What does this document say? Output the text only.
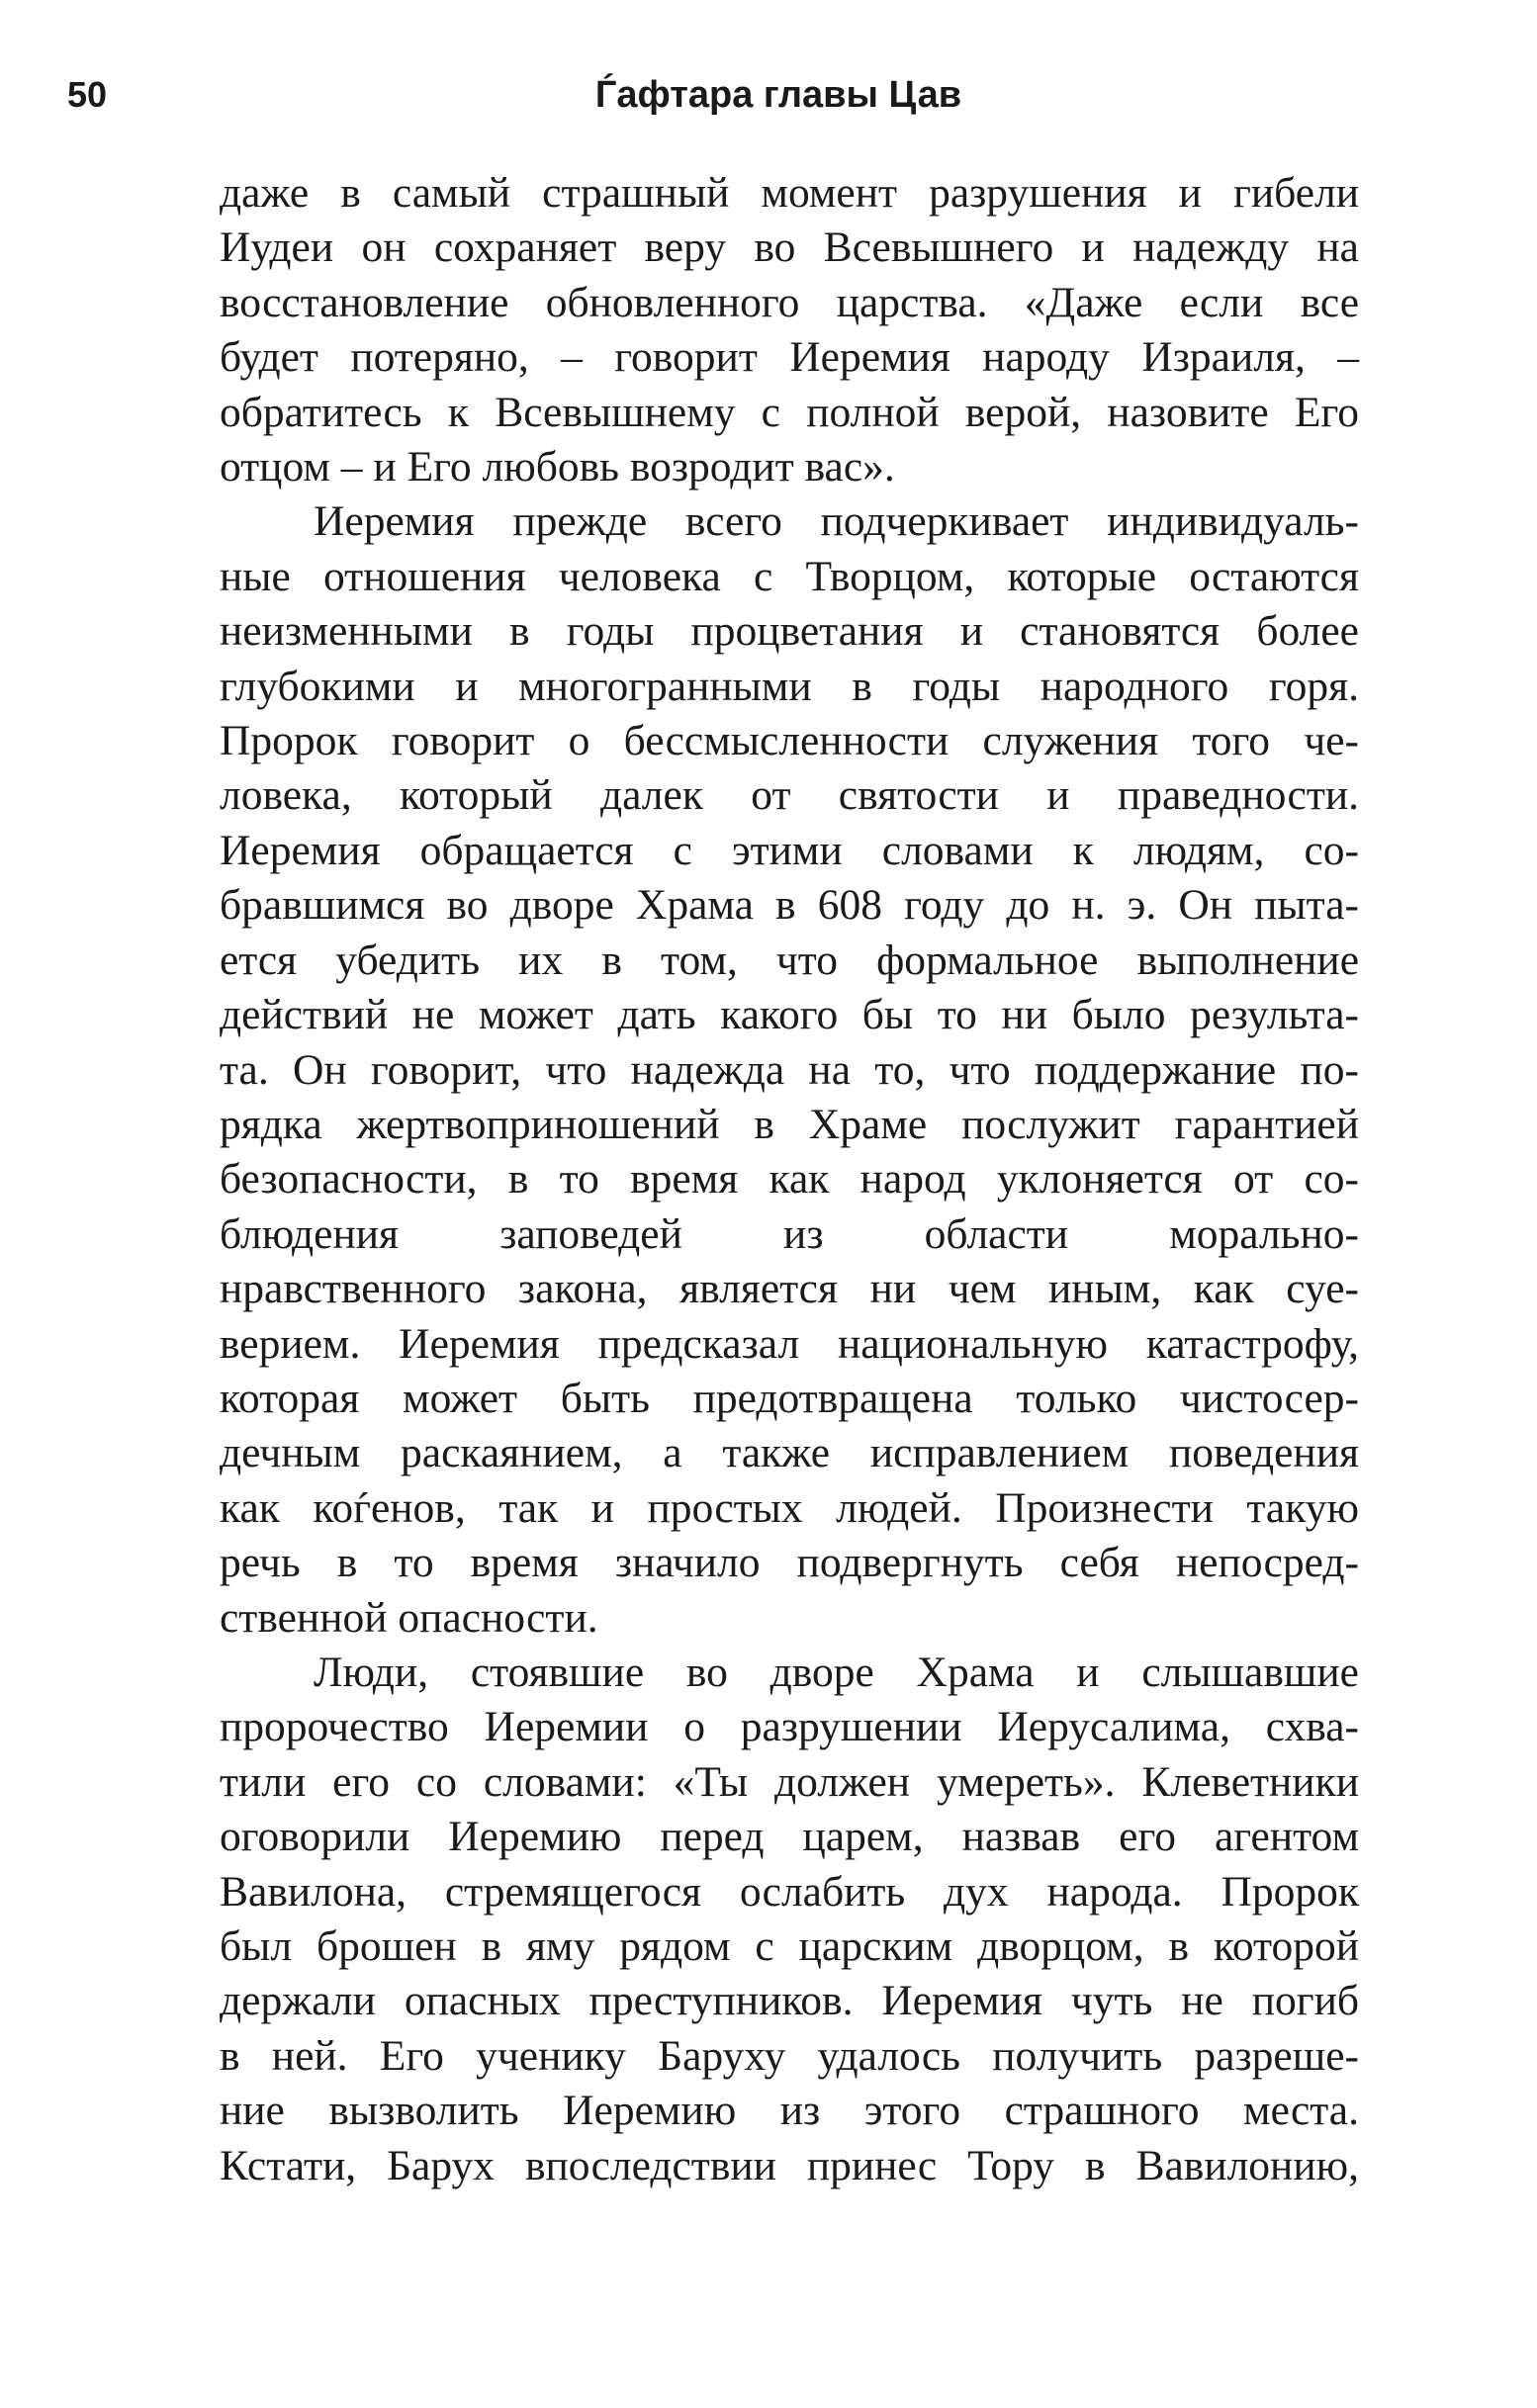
50	Ѓафтара главы Цав

даже в самый страшный момент разрушения и гибели

Иудеи он сохраняет веру во Всевышнего и надежду на

восстановление обновленного царства. «Даже если все

будет потеряно, – говорит Иеремия народу Израиля, –

обратитесь к Всевышнему с полной верой, назовите Его

отцом – и Его любовь возродит вас».

Иеремия прежде всего подчеркивает индивидуаль-

ные отношения человека с Творцом, которые остаются

неизменными в годы процветания и становятся более

глубокими и многогранными в годы народного горя.

Пророк говорит о бессмысленности служения того че-

ловека, который далек от святости и праведности.

Иеремия обращается с этими словами к людям, со-

бравшимся во дворе Храма в 608 году до н. э. Он пыта-

ется убедить их в том, что формальное выполнение

действий не может дать какого бы то ни было результа-

та. Он говорит, что надежда на то, что поддержание по-

рядка жертвоприношений в Храме послужит гарантией

безопасности, в то время как народ уклоняется от со-

блюдения заповедей из области морально-

нравственного закона, является ни чем иным, как суе-

верием. Иеремия предсказал национальную катастрофу,

которая может быть предотвращена только чистосер-

дечным раскаянием, а также исправлением поведения

как коѓенов, так и простых людей. Произнести такую

речь в то время значило подвергнуть себя непосред-

ственной опасности.

Люди, стоявшие во дворе Храма и слышавшие

пророчество Иеремии о разрушении Иерусалима, схва-

тили его со словами: «Ты должен умереть». Клеветники

оговорили Иеремию перед царем, назвав его агентом

Вавилона, стремящегося ослабить дух народа. Пророк

был брошен в яму рядом с царским дворцом, в которой

держали опасных преступников. Иеремия чуть не погиб

в ней. Его ученику Баруху удалось получить разреше-

ние вызволить Иеремию из этого страшного места.

Кстати, Барух впоследствии принес Тору в Вавилонию,
